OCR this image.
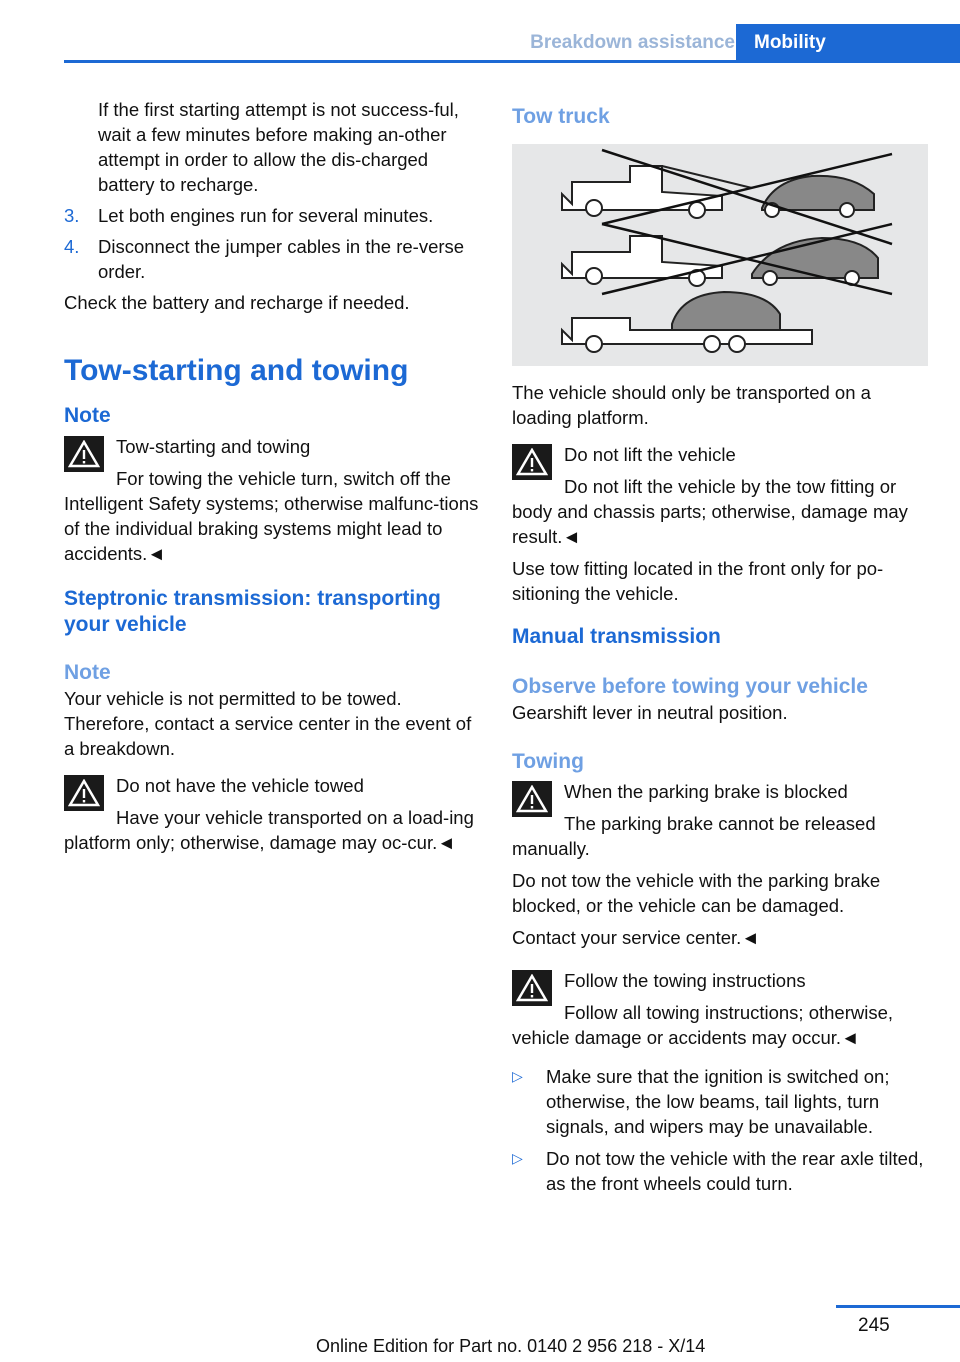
Breakdown assistance	Mobility

If the first starting attempt is not success-ful, wait a few minutes before making an-other attempt in order to allow the dis-charged battery to recharge.

3.	Let both engines run for several minutes.
4.	Disconnect the jumper cables in the re-verse order.

Check the battery and recharge if needed.

Tow-starting and towing
Note
Tow-starting and towing

For towing the vehicle turn, switch off the Intelligent Safety systems; otherwise malfunc-tions of the individual braking systems might lead to accidents.◄

Steptronic transmission: transporting your vehicle
Note

Your vehicle is not permitted to be towed. Therefore, contact a service center in the event of a breakdown.

Do not have the vehicle towed

Have your vehicle transported on a load-ing platform only; otherwise, damage may oc-cur.◄

Tow truck

The vehicle should only be transported on a loading platform.

Do not lift the vehicle

Do not lift the vehicle by the tow fitting or body and chassis parts; otherwise, damage may result.◄

Use tow fitting located in the front only for po-sitioning the vehicle.

Manual transmission
Observe before towing your vehicle

Gearshift lever in neutral position.

Towing
When the parking brake is blocked

The parking brake cannot be released manually.

Do not tow the vehicle with the parking brake blocked, or the vehicle can be damaged.

Contact your service center.◄

Follow the towing instructions

Follow all towing instructions; otherwise, vehicle damage or accidents may occur.◄

▷	Make sure that the ignition is switched on; otherwise, the low beams, tail lights, turn signals, and wipers may be unavailable.
▷	Do not tow the vehicle with the rear axle tilted, as the front wheels could turn.
245
Online Edition for Part no. 0140 2 956 218 - X/14
